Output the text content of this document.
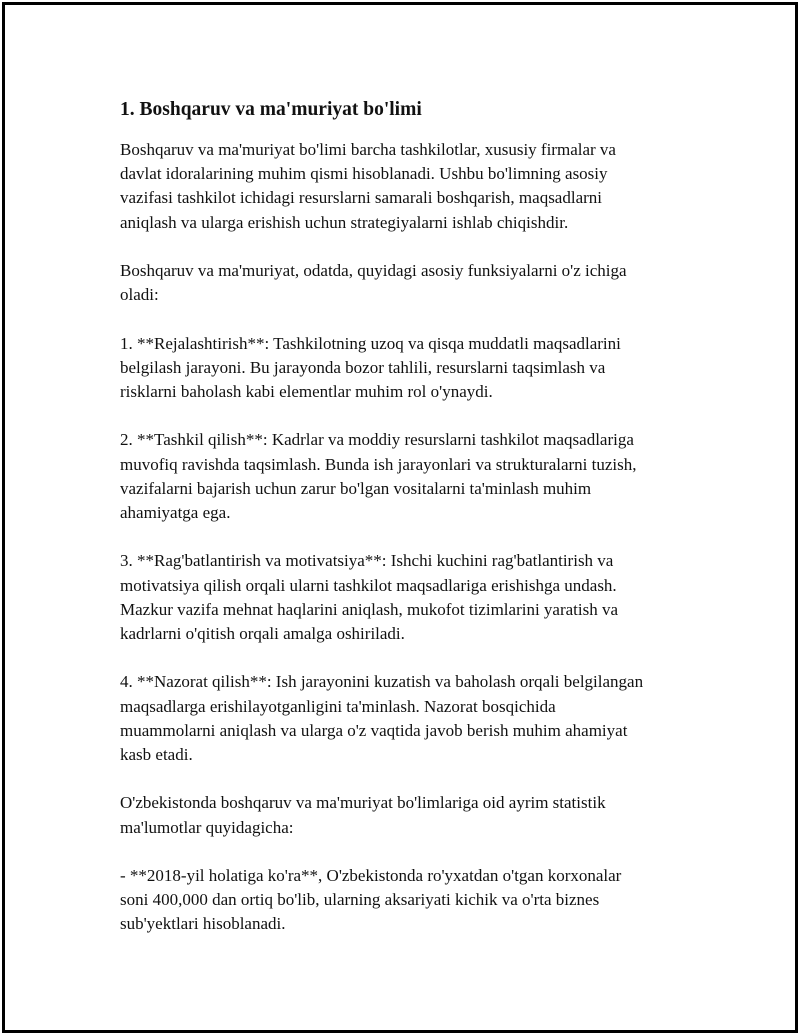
1. Boshqaruv va ma'muriyat bo'limi
Boshqaruv va ma'muriyat bo'limi barcha tashkilotlar, xususiy firmalar va
davlat idoralarining muhim qismi hisoblanadi. Ushbu bo'limning asosiy
vazifasi tashkilot ichidagi resurslarni samarali boshqarish, maqsadlarni
aniqlash va ularga erishish uchun strategiyalarni ishlab chiqishdir.
Boshqaruv va ma'muriyat, odatda, quyidagi asosiy funksiyalarni o'z ichiga
oladi:
1. **Rejalashtirish**: Tashkilotning uzoq va qisqa muddatli maqsadlarini
belgilash jarayoni. Bu jarayonda bozor tahlili, resurslarni taqsimlash va
risklarni baholash kabi elementlar muhim rol o'ynaydi.
2. **Tashkil qilish**: Kadrlar va moddiy resurslarni tashkilot maqsadlariga
muvofiq ravishda taqsimlash. Bunda ish jarayonlari va strukturalarni tuzish,
vazifalarni bajarish uchun zarur bo'lgan vositalarni ta'minlash muhim
ahamiyatga ega.
3. **Rag'batlantirish va motivatsiya**: Ishchi kuchini rag'batlantirish va
motivatsiya qilish orqali ularni tashkilot maqsadlariga erishishga undash.
Mazkur vazifa mehnat haqlarini aniqlash, mukofot tizimlarini yaratish va
kadrlarni o'qitish orqali amalga oshiriladi.
4. **Nazorat qilish**: Ish jarayonini kuzatish va baholash orqali belgilangan
maqsadlarga erishilayotganligini ta'minlash. Nazorat bosqichida
muammolarni aniqlash va ularga o'z vaqtida javob berish muhim ahamiyat
kasb etadi.
O'zbekistonda boshqaruv va ma'muriyat bo'limlariga oid ayrim statistik
ma'lumotlar quyidagicha:
- **2018-yil holatiga ko'ra**, O'zbekistonda ro'yxatdan o'tgan korxonalar
soni 400,000 dan ortiq bo'lib, ularning aksariyati kichik va o'rta biznes
sub'yektlari hisoblanadi.
